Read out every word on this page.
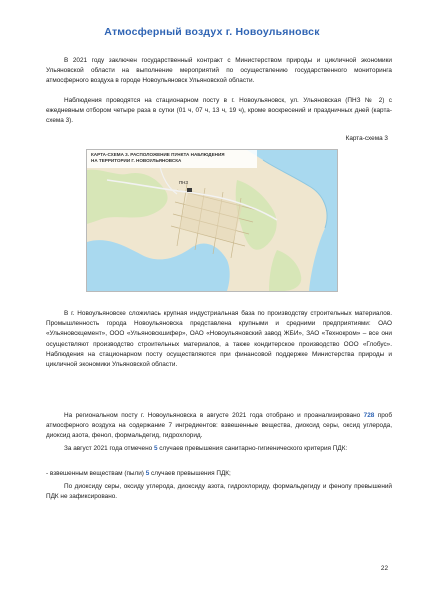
Атмосферный воздух г. Новоульяновск
В 2021 году заключен государственный контракт с Министерством природы и цикличной экономики Ульяновской области на выполнение мероприятий по осуществлению государственного мониторинга атмосферного воздуха в городе Новоульяновск Ульяновской области.
Наблюдения проводятся на стационарном посту в г. Новоульяновск, ул. Ульяновская (ПНЗ № 2) с ежедневным отбором четыре раза в сутки (01 ч, 07 ч, 13 ч, 19 ч), кроме воскресений и праздничных дней (карта-схема 3).
Карта-схема 3
КАРТА-СХЕМА 3. РАСПОЛОЖЕНИЕ ПУНКТА НАБЛЮДЕНИЯ
НА ТЕРРИТОРИИ Г. НОВОУЛЬЯНОВСКА
ПНЗ
В г. Новоульяновске сложилась крупная индустриальная база по производству строительных материалов. Промышленность города Новоульяновска представлена крупными и средними предприятиями: ОАО «Ульяновскцемент», ООО «Ульяновскшифер», ОАО «Новоульяновский завод ЖБИ», ЗАО «Технокром» – все они осуществляют производство строительных материалов, а также кондитерское производство ООО «Глобус». Наблюдения на стационарном посту осуществляются при финансовой поддержке Министерства природы и цикличной экономики Ульяновской области.
На региональном посту г. Новоульяновска в августе 2021 года отобрано и проанализировано 728 проб атмосферного воздуха на содержание 7 ингредиентов: взвешенные вещества, диоксид серы, оксид углерода, диоксид азота, фенол, формальдегид, гидрохлорид.
За август 2021 года отмечено 5 случаев превышения санитарно-гигиенического критерия ПДК:
- взвешенным веществам (пыли) 5 случаев превышения ПДК;
По диоксиду серы, оксиду углерода, диоксиду азота, гидрохлориду, формальдегиду и фенолу превышений ПДК не зафиксировано.
22
